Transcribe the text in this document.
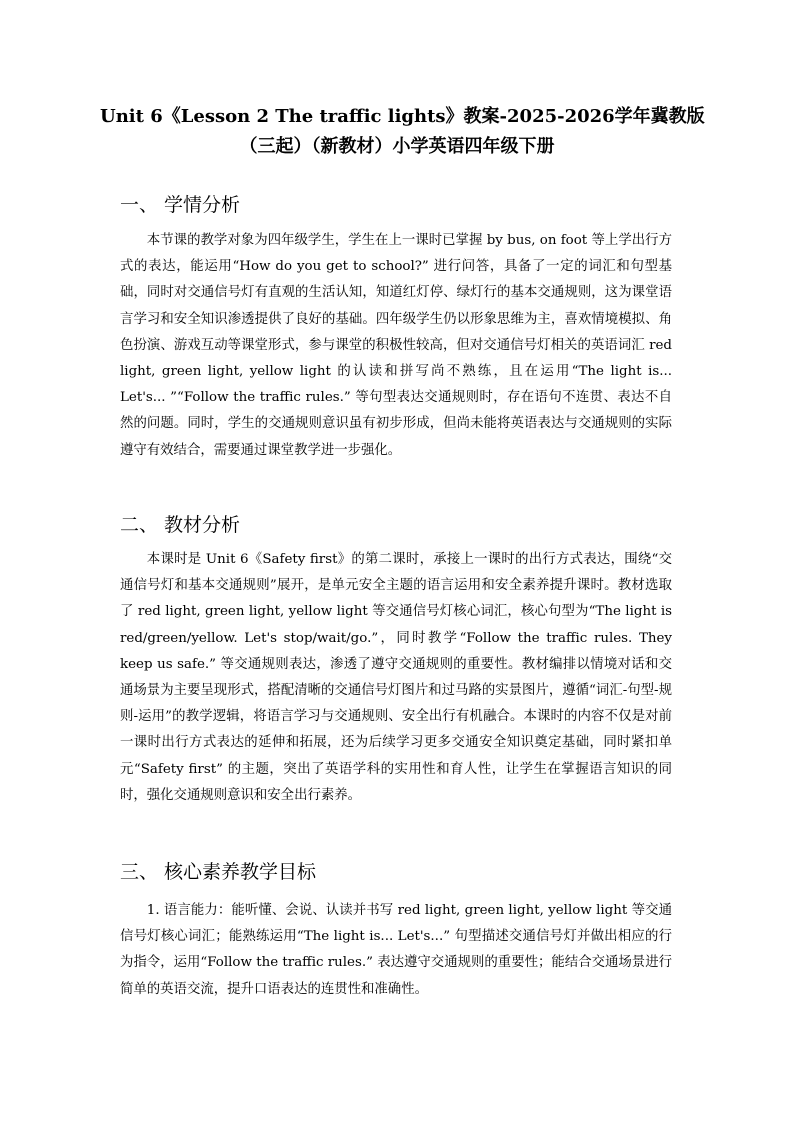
Unit 6《Lesson 2 The traffic lights》教案-2025-2026学年冀教版
（三起）（新教材）小学英语四年级下册
一、 学情分析

本节课的教学对象为四年级学生，学生在上一课时已掌握 by bus, on foot 等上学出行方式的表达，能运用“How do you get to school?” 进行问答，具备了一定的词汇和句型基础，同时对交通信号灯有直观的生活认知，知道红灯停、绿灯行的基本交通规则，这为课堂语言学习和安全知识渗透提供了良好的基础。四年级学生仍以形象思维为主，喜欢情境模拟、角色扮演、游戏互动等课堂形式，参与课堂的积极性较高，但对交通信号灯相关的英语词汇 red light, green light, yellow light 的认读和拼写尚不熟练，且在运用“The light is... Let's... ”“Follow the traffic rules.” 等句型表达交通规则时，存在语句不连贯、表达不自然的问题。同时，学生的交通规则意识虽有初步形成，但尚未能将英语表达与交通规则的实际遵守有效结合，需要通过课堂教学进一步强化。

二、 教材分析

本课时是 Unit 6《Safety first》的第二课时，承接上一课时的出行方式表达，围绕“交通信号灯和基本交通规则”展开，是单元安全主题的语言运用和安全素养提升课时。教材选取了 red light, green light, yellow light 等交通信号灯核心词汇，核心句型为“The light is red/green/yellow. Let's stop/wait/go.”，同时教学“Follow the traffic rules. They keep us safe.” 等交通规则表达，渗透了遵守交通规则的重要性。教材编排以情境对话和交通场景为主要呈现形式，搭配清晰的交通信号灯图片和过马路的实景图片，遵循“词汇-句型-规则-运用”的教学逻辑，将语言学习与交通规则、安全出行有机融合。本课时的内容不仅是对前一课时出行方式表达的延伸和拓展，还为后续学习更多交通安全知识奠定基础，同时紧扣单元“Safety first” 的主题，突出了英语学科的实用性和育人性，让学生在掌握语言知识的同时，强化交通规则意识和安全出行素养。

三、 核心素养教学目标

1. 语言能力：能听懂、会说、认读并书写 red light, green light, yellow light 等交通信号灯核心词汇；能熟练运用“The light is... Let's...” 句型描述交通信号灯并做出相应的行为指令，运用“Follow the traffic rules.” 表达遵守交通规则的重要性；能结合交通场景进行简单的英语交流，提升口语表达的连贯性和准确性。
